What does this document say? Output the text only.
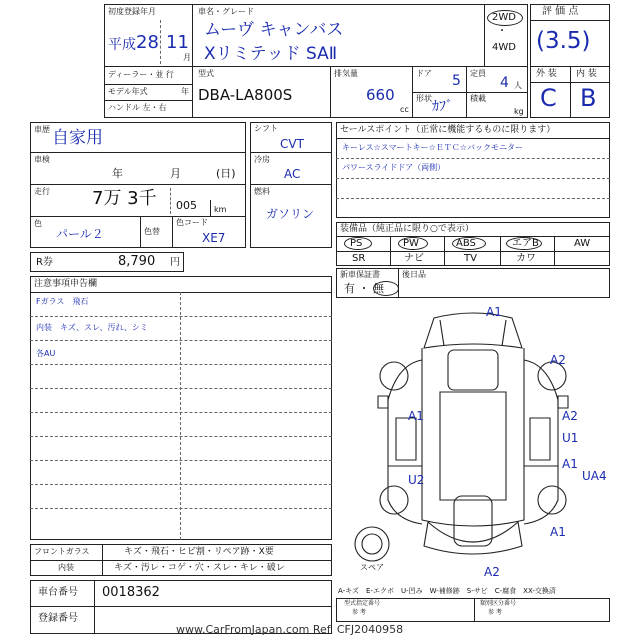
初度登録年月
平成 28 11
月
車名・グレード
ムーヴ キャンバス
Xリミテッド SAⅡ
2WD
・
4WD
ディーラー・並 行
モデル年式	年
ハンドル 左・右
型式
DBA-LA800S
排気量
660
cc
ドア 5 定員
4 人
形状
ｶﾌﾞ
積載
kg
評 価 点
(3.5)
外 装 内 装
C B
車歴 自家用
車検
年	月	(日)
走行 7万 3千 005 km
色
パール２	色替
色コード
XE7
シフト
CVT
冷房
AC
燃料
ガソリン
R券	8,790 円
セールスポイント（正常に機能するものに限ります）
キーレス☆スマートキー☆ＥＴＣ☆バックモニター
パワースライドドア（両側）
装備品（純正品に限り○で表示）
PS	PW	ABS	エアB	AW
SR	ナビ	TV	カワ
新車保証書
有 ・ 無
後日品
注意事項申告欄
Fガラス　飛石
内装　キズ、スレ、汚れ、シミ
各AU
A1
A2
A1	A2
U1
A1
UA4
U2
A1
A2
スペア
フロントガラス	キズ・飛石・ヒビ割・リペア跡・X要
内装	キズ・汚レ・コゲ・穴・スレ・キレ・破レ
車台番号 0018362
登録番号
A-キズ　E-エクボ　U-凹み　W-補修跡　S-サビ　C-腐食　XX-交換済
型式指定番号
参 考
類別区分番号
参 考
www.CarFromJapan.com Ref. CFJ2040958
